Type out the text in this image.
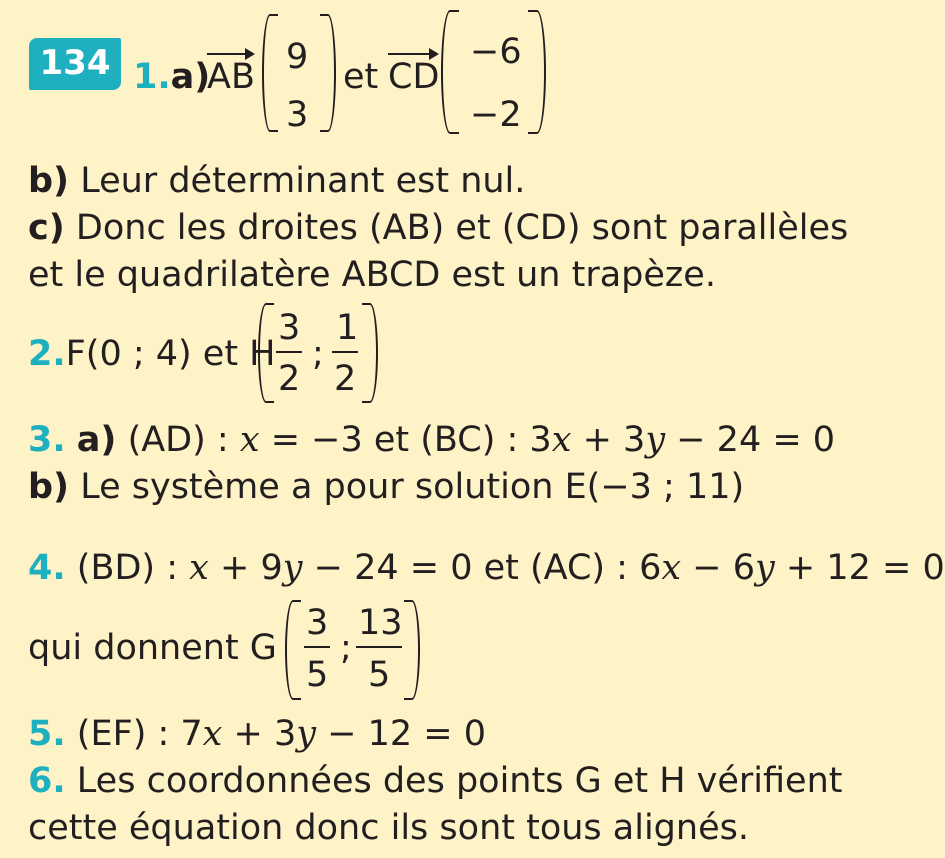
134 1.a)
AB 9
3
et CD
−6
−2
b) Leur déterminant est nul.
c) Donc les droites (AB) et (CD) sont parallèles
et le quadrilatère ABCD est un trapèze.
2.F(0 ; 4) et H
3
2
;
1
2
3. a) (AD) : x = −3 et (BC) : 3x + 3y − 24 = 0
b) Le système a pour solution E(−3 ; 11)
4. (BD) : x + 9y − 24 = 0 et (AC) : 6x − 6y + 12 = 0
qui donnent G
3
5
;
13
5
5. (EF) : 7x + 3y − 12 = 0
6. Les coordonnées des points G et H vérifient
cette équation donc ils sont tous alignés.
